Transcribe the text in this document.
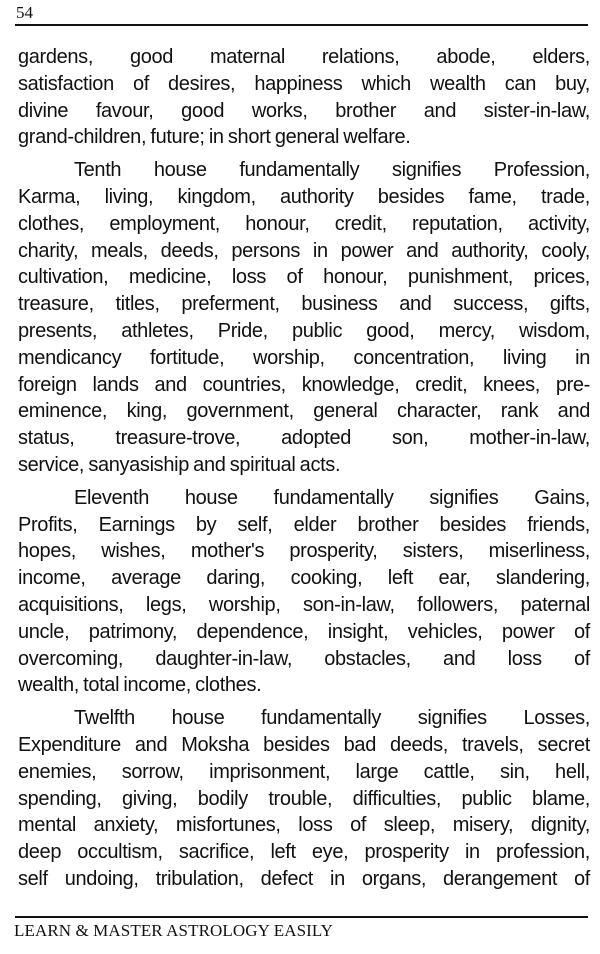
54
gardens, good maternal relations, abode, elders,
satisfaction of desires, happiness which wealth can buy,
divine favour, good works, brother and sister-in-law,
grand-children, future; in short general welfare.
Tenth house fundamentally signifies Profession,
Karma, living, kingdom, authority besides fame, trade,
clothes, employment, honour, credit, reputation, activity,
charity, meals, deeds, persons in power and authority, cooly,
cultivation, medicine, loss of honour, punishment, prices,
treasure, titles, preferment, business and success, gifts,
presents, athletes, Pride, public good, mercy, wisdom,
mendicancy fortitude, worship, concentration, living in
foreign lands and countries, knowledge, credit, knees, pre-
eminence, king, government, general character, rank and
status, treasure-trove, adopted son, mother-in-law,
service, sanyasiship and spiritual acts.
Eleventh house fundamentally signifies Gains,
Profits, Earnings by self, elder brother besides friends,
hopes, wishes, mother's prosperity, sisters, miserliness,
income, average daring, cooking, left ear, slandering,
acquisitions, legs, worship, son-in-law, followers, paternal
uncle, patrimony, dependence, insight, vehicles, power of
overcoming, daughter-in-law, obstacles, and loss of
wealth, total income, clothes.
Twelfth house fundamentally signifies Losses,
Expenditure and Moksha besides bad deeds, travels, secret
enemies, sorrow, imprisonment, large cattle, sin, hell,
spending, giving, bodily trouble, difficulties, public blame,
mental anxiety, misfortunes, loss of sleep, misery, dignity,
deep occultism, sacrifice, left eye, prosperity in profession,
self undoing, tribulation, defect in organs, derangement of
LEARN & MASTER ASTROLOGY EASILY
